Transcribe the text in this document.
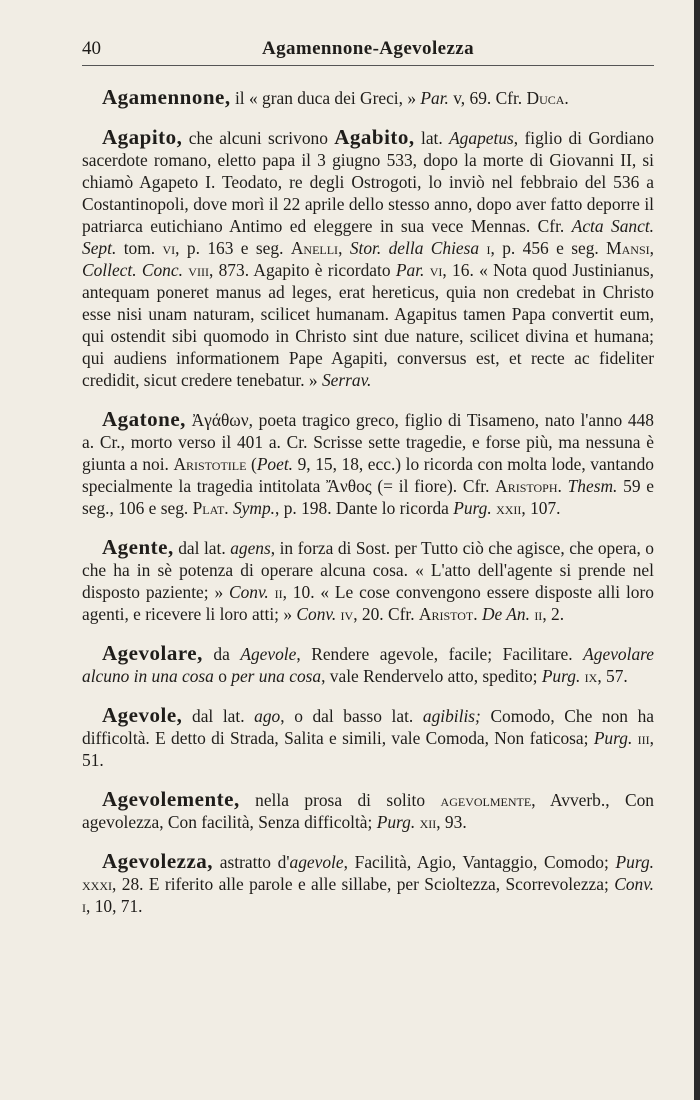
40	Agamennone-Agevolezza

Agamennone, il « gran duca dei Greci, » Par. v, 69. Cfr. Duca.

Agapito, che alcuni scrivono Agabito, lat. Agapetus, figlio di Gordiano sacerdote romano, eletto papa il 3 giugno 533, dopo la morte di Giovanni II, si chiamò Agapeto I. Teodato, re degli Ostrogoti, lo inviò nel febbraio del 536 a Costantinopoli, dove morì il 22 aprile dello stesso anno, dopo aver fatto deporre il patriarca eutichiano Antimo ed eleggere in sua vece Mennas. Cfr. Acta Sanct. Sept. tom. vi, p. 163 e seg. Anelli, Stor. della Chiesa i, p. 456 e seg. Mansi, Collect. Conc. viii, 873. Agapito è ricordato Par. vi, 16. « Nota quod Justinianus, antequam poneret manus ad leges, erat hereticus, quia non credebat in Christo esse nisi unam naturam, scilicet humanam. Agapitus tamen Papa convertit eum, qui ostendit sibi quomodo in Christo sint due nature, scilicet divina et humana; qui audiens informationem Pape Agapiti, conversus est, et recte ac fideliter credidit, sicut credere tenebatur. » Serrav.

Agatone, Ἀγάθων, poeta tragico greco, figlio di Tisameno, nato l'anno 448 a. Cr., morto verso il 401 a. Cr. Scrisse sette tragedie, e forse più, ma nessuna è giunta a noi. Aristotile (Poet. 9, 15, 18, ecc.) lo ricorda con molta lode, vantando specialmente la tragedia intitolata Ἄνθος (= il fiore). Cfr. Aristoph. Thesm. 59 e seg., 106 e seg. Plat. Symp., p. 198. Dante lo ricorda Purg. xxii, 107.

Agente, dal lat. agens, in forza di Sost. per Tutto ciò che agisce, che opera, o che ha in sè potenza di operare alcuna cosa. « L'atto dell'agente si prende nel disposto paziente; » Conv. ii, 10. « Le cose convengono essere disposte alli loro agenti, e ricevere li loro atti; » Conv. iv, 20. Cfr. Aristot. De An. ii, 2.

Agevolare, da Agevole, Rendere agevole, facile; Facilitare. Agevolare alcuno in una cosa o per una cosa, vale Rendervelo atto, spedito; Purg. ix, 57.

Agevole, dal lat. ago, o dal basso lat. agibilis; Comodo, Che non ha difficoltà. E detto di Strada, Salita e simili, vale Comoda, Non faticosa; Purg. iii, 51.

Agevolemente, nella prosa di solito agevolmente, Avverb., Con agevolezza, Con facilità, Senza difficoltà; Purg. xii, 93.

Agevolezza, astratto d'agevole, Facilità, Agio, Vantaggio, Comodo; Purg. xxxi, 28. E riferito alle parole e alle sillabe, per Scioltezza, Scorrevolezza; Conv. i, 10, 71.
